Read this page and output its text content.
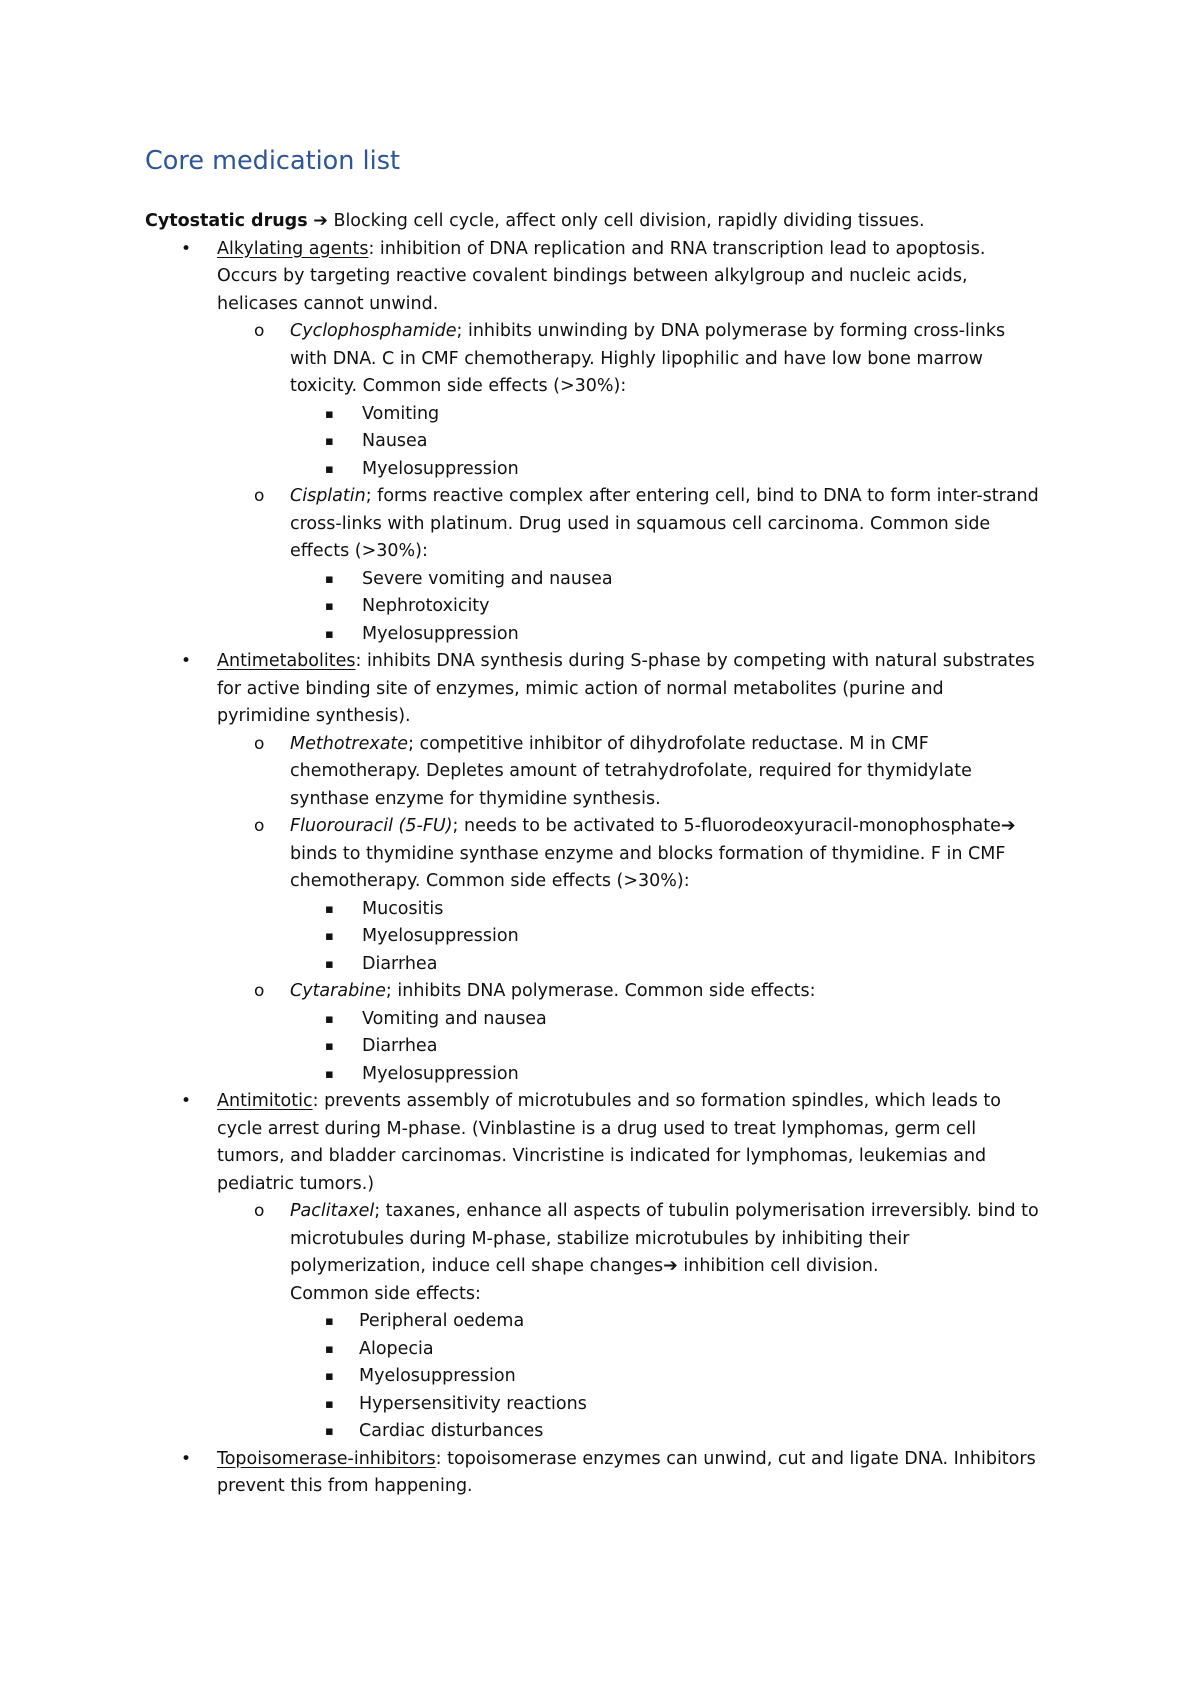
Core medication list
Cytostatic drugs ➔ Blocking cell cycle, affect only cell division, rapidly dividing tissues.
• Alkylating agents: inhibition of DNA replication and RNA transcription lead to apoptosis.
Occurs by targeting reactive covalent bindings between alkylgroup and nucleic acids,
helicases cannot unwind.
o Cyclophosphamide; inhibits unwinding by DNA polymerase by forming cross-links
with DNA. C in CMF chemotherapy. Highly lipophilic and have low bone marrow
toxicity. Common side effects (>30%):
▪ Vomiting
▪ Nausea
▪ Myelosuppression
o Cisplatin; forms reactive complex after entering cell, bind to DNA to form inter-strand
cross-links with platinum. Drug used in squamous cell carcinoma. Common side
effects (>30%):
▪ Severe vomiting and nausea
▪ Nephrotoxicity
▪ Myelosuppression
• Antimetabolites: inhibits DNA synthesis during S-phase by competing with natural substrates
for active binding site of enzymes, mimic action of normal metabolites (purine and
pyrimidine synthesis).
o Methotrexate; competitive inhibitor of dihydrofolate reductase. M in CMF
chemotherapy. Depletes amount of tetrahydrofolate, required for thymidylate
synthase enzyme for thymidine synthesis.
o Fluorouracil (5-FU); needs to be activated to 5-fluorodeoxyuracil-monophosphate➔
binds to thymidine synthase enzyme and blocks formation of thymidine. F in CMF
chemotherapy. Common side effects (>30%):
▪ Mucositis
▪ Myelosuppression
▪ Diarrhea
o Cytarabine; inhibits DNA polymerase. Common side effects:
▪ Vomiting and nausea
▪ Diarrhea
▪ Myelosuppression
• Antimitotic: prevents assembly of microtubules and so formation spindles, which leads to
cycle arrest during M-phase. (Vinblastine is a drug used to treat lymphomas, germ cell
tumors, and bladder carcinomas. Vincristine is indicated for lymphomas, leukemias and
pediatric tumors.)
o Paclitaxel; taxanes, enhance all aspects of tubulin polymerisation irreversibly. bind to
microtubules during M-phase, stabilize microtubules by inhibiting their
polymerization, induce cell shape changes➔ inhibition cell division.
Common side effects:
▪ Peripheral oedema
▪ Alopecia
▪ Myelosuppression
▪ Hypersensitivity reactions
▪ Cardiac disturbances
• Topoisomerase-inhibitors: topoisomerase enzymes can unwind, cut and ligate DNA. Inhibitors
prevent this from happening.
